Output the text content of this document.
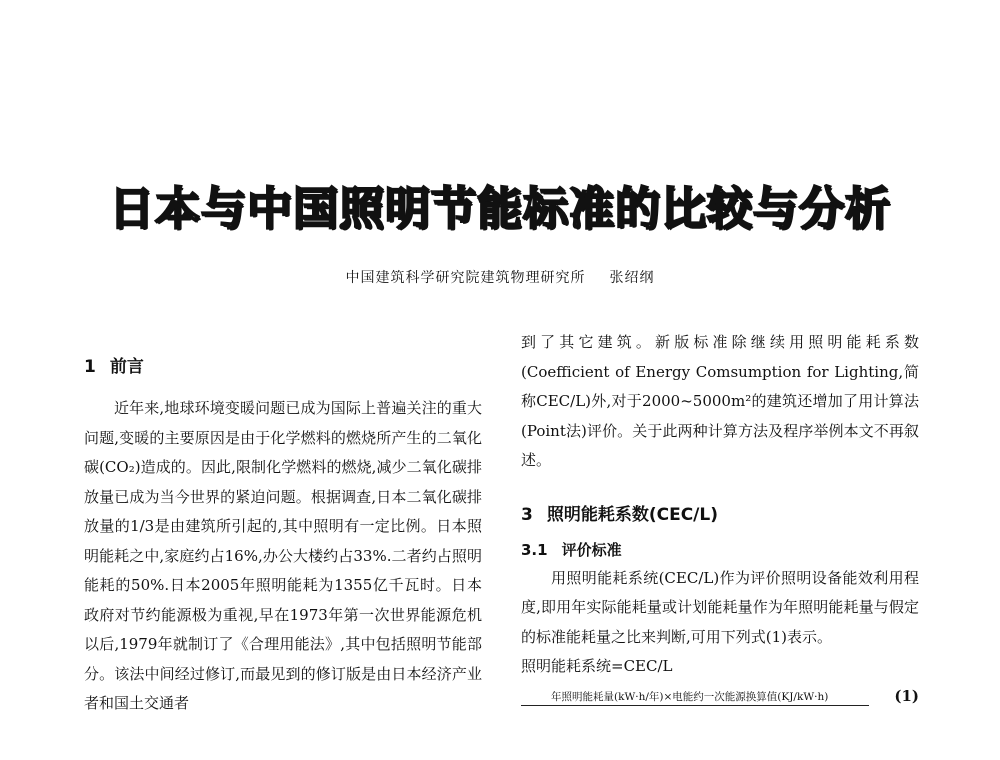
日本与中国照明节能标准的比较与分析
中国建筑科学研究院建筑物理研究所 张绍纲
1 前言

近年来,地球环境变暖问题已成为国际上普遍关注的重大问题,变暖的主要原因是由于化学燃料的燃烧所产生的二氧化碳(CO₂)造成的。因此,限制化学燃料的燃烧,减少二氧化碳排放量已成为当今世界的紧迫问题。根据调查,日本二氧化碳排放量的1/3是由建筑所引起的,其中照明有一定比例。日本照明能耗之中,家庭约占16%,办公大楼约占33%.二者约占照明能耗的50%.日本2005年照明能耗为1355亿千瓦时。日本政府对节约能源极为重视,早在1973年第一次世界能源危机以后,1979年就制订了《合理用能法》,其中包括照明节能部分。该法中间经过修订,而最见到的修订版是由日本经济产业者和国土交通者

到了其它建筑。新版标准除继续用照明能耗系数(Coefficient of Energy Comsumption for Lighting,简称CEC/L)外,对于2000~5000m²的建筑还增加了用计算法(Point法)评价。关于此两种计算方法及程序举例本文不再叙述。

3 照明能耗系数(CEC/L)
3.1 评价标准

用照明能耗系统(CEC/L)作为评价照明设备能效利用程度,即用年实际能耗量或计划能耗量作为年照明能耗量与假定的标准能耗量之比来判断,可用下列式(1)表示。

照明能耗系统=CEC/L

年照明能耗量(kW·h/年)×电能约一次能源换算值(KJ/kW·h)	(1)
